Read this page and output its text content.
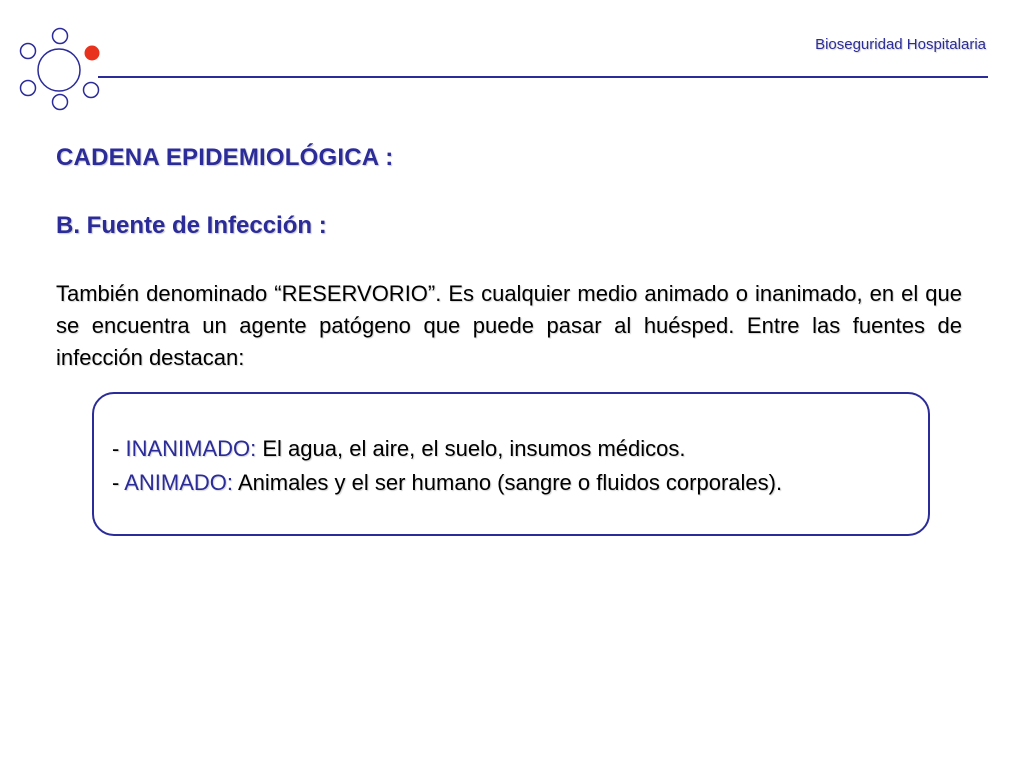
Bioseguridad Hospitalaria
CADENA EPIDEMIOLÓGICA :
B. Fuente de Infección :
También denominado “RESERVORIO”. Es cualquier medio animado o inanimado, en el que se encuentra un agente patógeno que puede pasar al huésped. Entre las fuentes de infección destacan:
- INANIMADO: El agua, el aire, el suelo, insumos médicos.
- ANIMADO: Animales y el ser humano (sangre o fluidos corporales).
